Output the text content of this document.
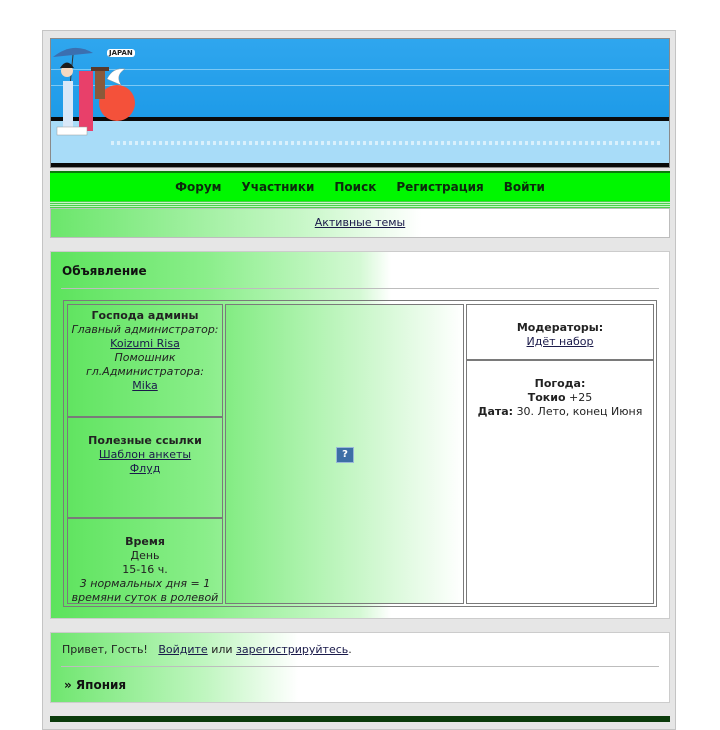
JAPAN
Форум Участники Поиск Регистрация Войти
Активные темы
Объявление
Господа админы
Главный администратор:
Koizumi Risa
Помошник гл.Администратора:
Mika
Полезные ссылки
Шаблон анкеты
Флуд
Время
День
15-16 ч.
3 нормальных дня = 1 времяни суток в ролевой
?
Модераторы:
Идёт набор
Погода:
Токио +25
Дата: 30. Лето, конец Июня
Привет, Гость! Войдите или зарегистрируйтесь.
» Япония
